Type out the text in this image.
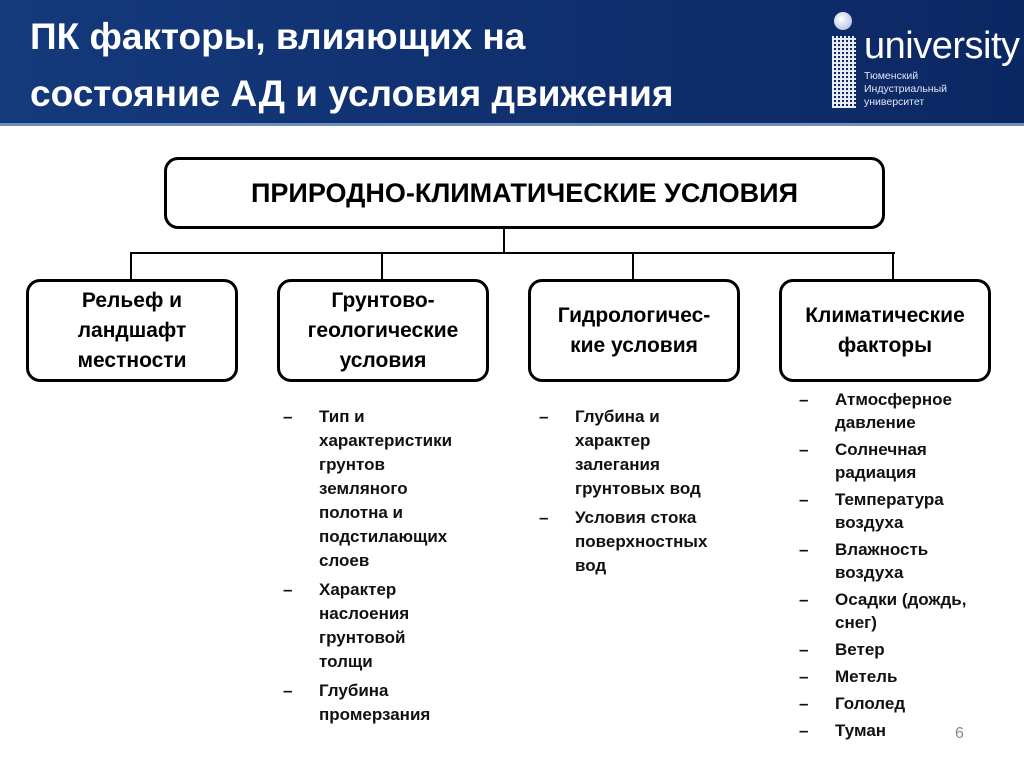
ПК факторы, влияющих на
состояние АД и условия движения
university
Тюменский
Индустриальный
университет
ПРИРОДНО-КЛИМАТИЧЕСКИЕ УСЛОВИЯ
Рельеф и
ландшафт
местности
Грунтово-
геологические
условия
– Тип и
характеристики
грунтов
земляного
полотна и
подстилающих
слоев
– Характер
наслоения
грунтовой
толщи
– Глубина
промерзания
Гидрологичес-
кие условия
– Глубина и
характер
залегания
грунтовых вод
– Условия стока
поверхностных
вод
Климатические
факторы
– Атмосферное
давление
– Солнечная
радиация
– Температура
воздуха
– Влажность
воздуха
– Осадки (дождь,
снег)
– Ветер
– Метель
– Гололед
– Туман	6
